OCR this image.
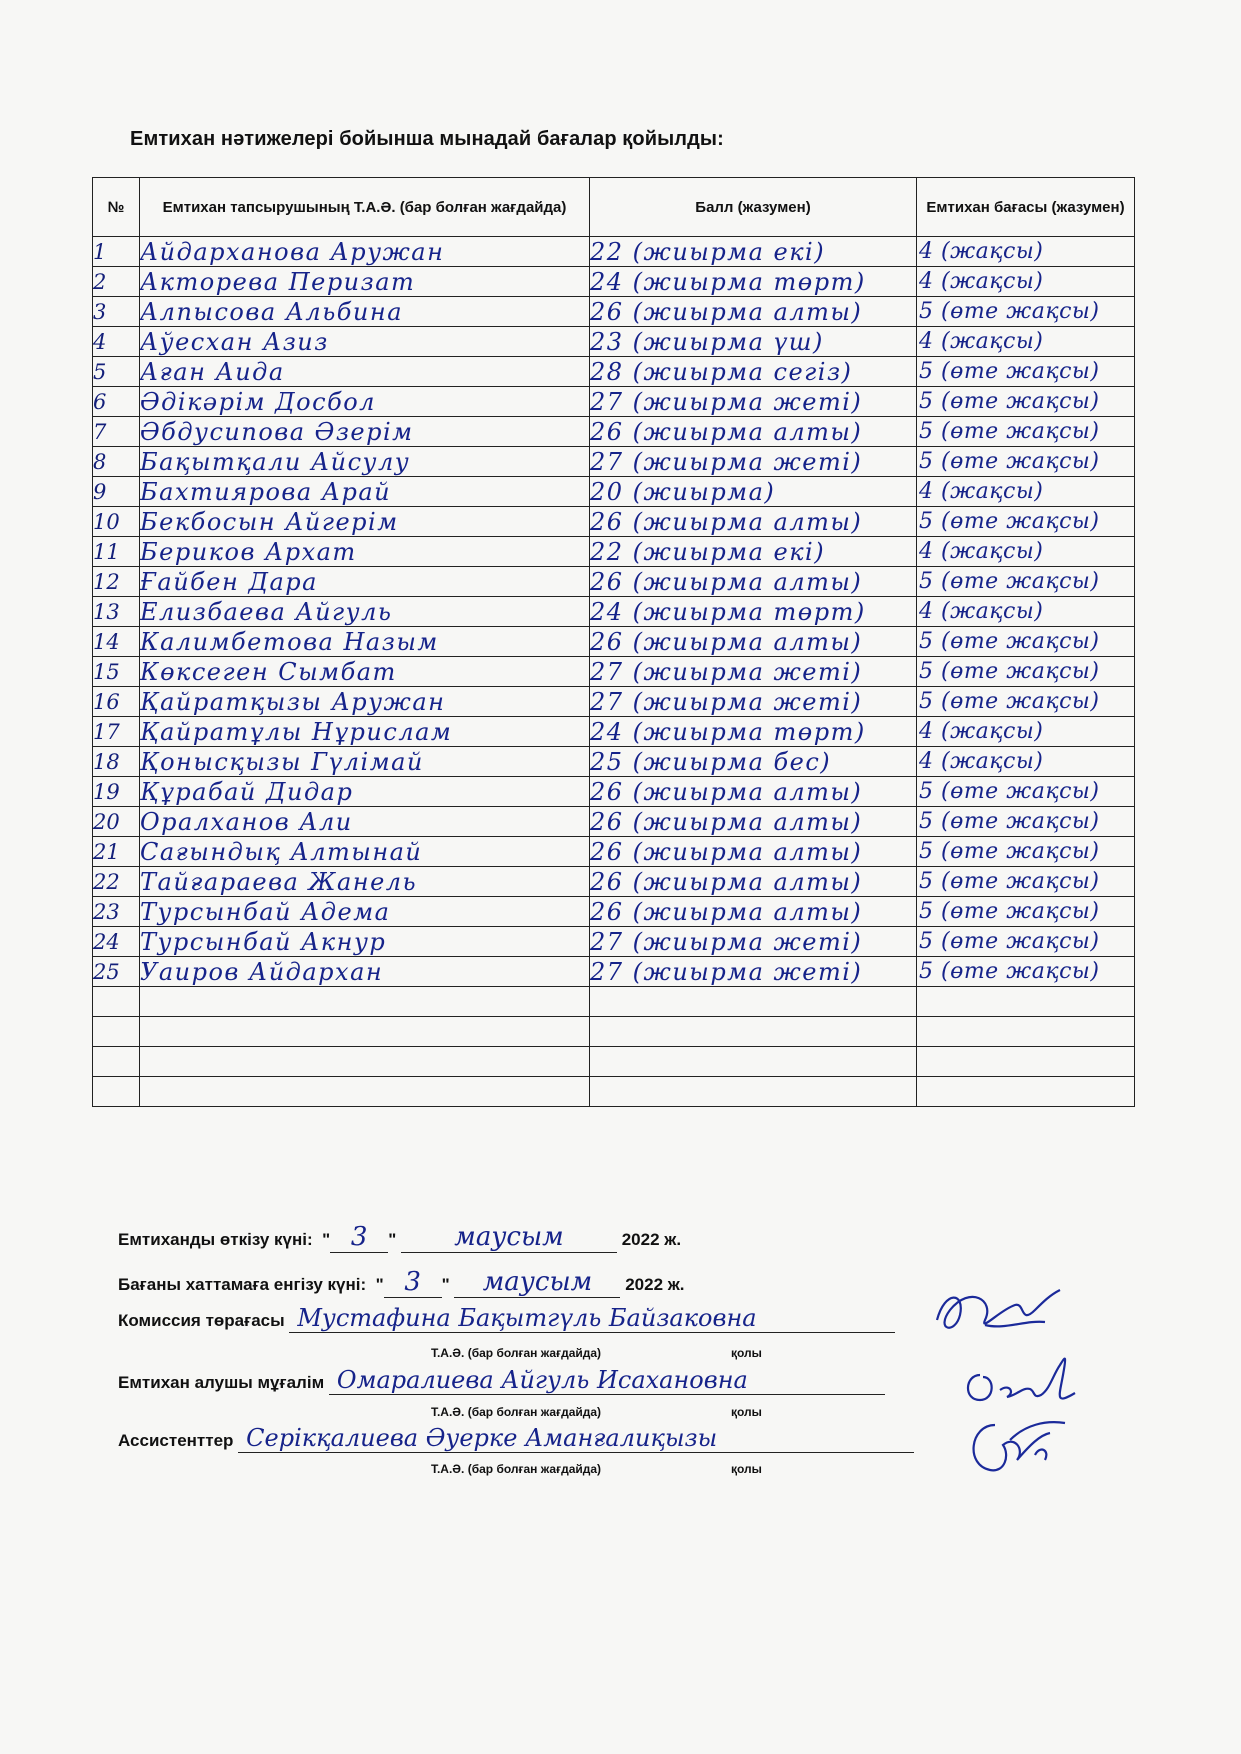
Емтихан нәтижелері бойынша мынадай бағалар қойылды:
№	Емтихан тапсырушының Т.А.Ә. (бар болған жағдайда)	Балл (жазумен)	Емтихан бағасы (жазумен)
1	Айдарханова Аружан	22 (жиырма екі)	4 (жақсы)
2	Акторева Перизат	24 (жиырма төрт)	4 (жақсы)
3	Алпысова Альбина	26 (жиырма алты)	5 (өте жақсы)
4	Аўесхан Азиз	23 (жиырма үш)	4 (жақсы)
5	Аған Аида	28 (жиырма сегіз)	5 (өте жақсы)
6	Әдікәрім Досбол	27 (жиырма жеті)	5 (өте жақсы)
7	Әбдусипова Әзерім	26 (жиырма алты)	5 (өте жақсы)
8	Бақытқали Айсулу	27 (жиырма жеті)	5 (өте жақсы)
9	Бахтиярова Арай	20 (жиырма)	4 (жақсы)
10	Бекбосын Айгерім	26 (жиырма алты)	5 (өте жақсы)
11	Бериков Архат	22 (жиырма екі)	4 (жақсы)
12	Ғайбен Дара	26 (жиырма алты)	5 (өте жақсы)
13	Елизбаева Айгуль	24 (жиырма төрт)	4 (жақсы)
14	Калимбетова Назым	26 (жиырма алты)	5 (өте жақсы)
15	Көксеген Сымбат	27 (жиырма жеті)	5 (өте жақсы)
16	Қайратқызы Аружан	27 (жиырма жеті)	5 (өте жақсы)
17	Қайратұлы Нұрислам	24 (жиырма төрт)	4 (жақсы)
18	Қонысқызы Гүлімай	25 (жиырма бес)	4 (жақсы)
19	Құрабай Дидар	26 (жиырма алты)	5 (өте жақсы)
20	Оралханов Али	26 (жиырма алты)	5 (өте жақсы)
21	Сағындық Алтынай	26 (жиырма алты)	5 (өте жақсы)
22	Тайғараева Жанель	26 (жиырма алты)	5 (өте жақсы)
23	Турсынбай Адема	26 (жиырма алты)	5 (өте жақсы)
24	Турсынбай Акнур	27 (жиырма жеті)	5 (өте жақсы)
25	Уаиров Айдархан	27 (жиырма жеті)	5 (өте жақсы)

Емтиханды өткізу күні:  " 3 " маусым	2022 ж.
Бағаны хаттамаға енгізу күні:  " 3 " маусым 2022 ж.
Комиссия төрағасы Мустафина Бақытгүль Байзаковна
Т.А.Ә. (бар болған жағдайда)	қолы
Емтихан алушы мұғалім Омаралиева Айгуль Исахановна
Т.А.Ә. (бар болған жағдайда)	қолы
Ассистенттер Серікқалиева Әуерке Аманғалиқызы
Т.А.Ә. (бар болған жағдайда)	қолы
